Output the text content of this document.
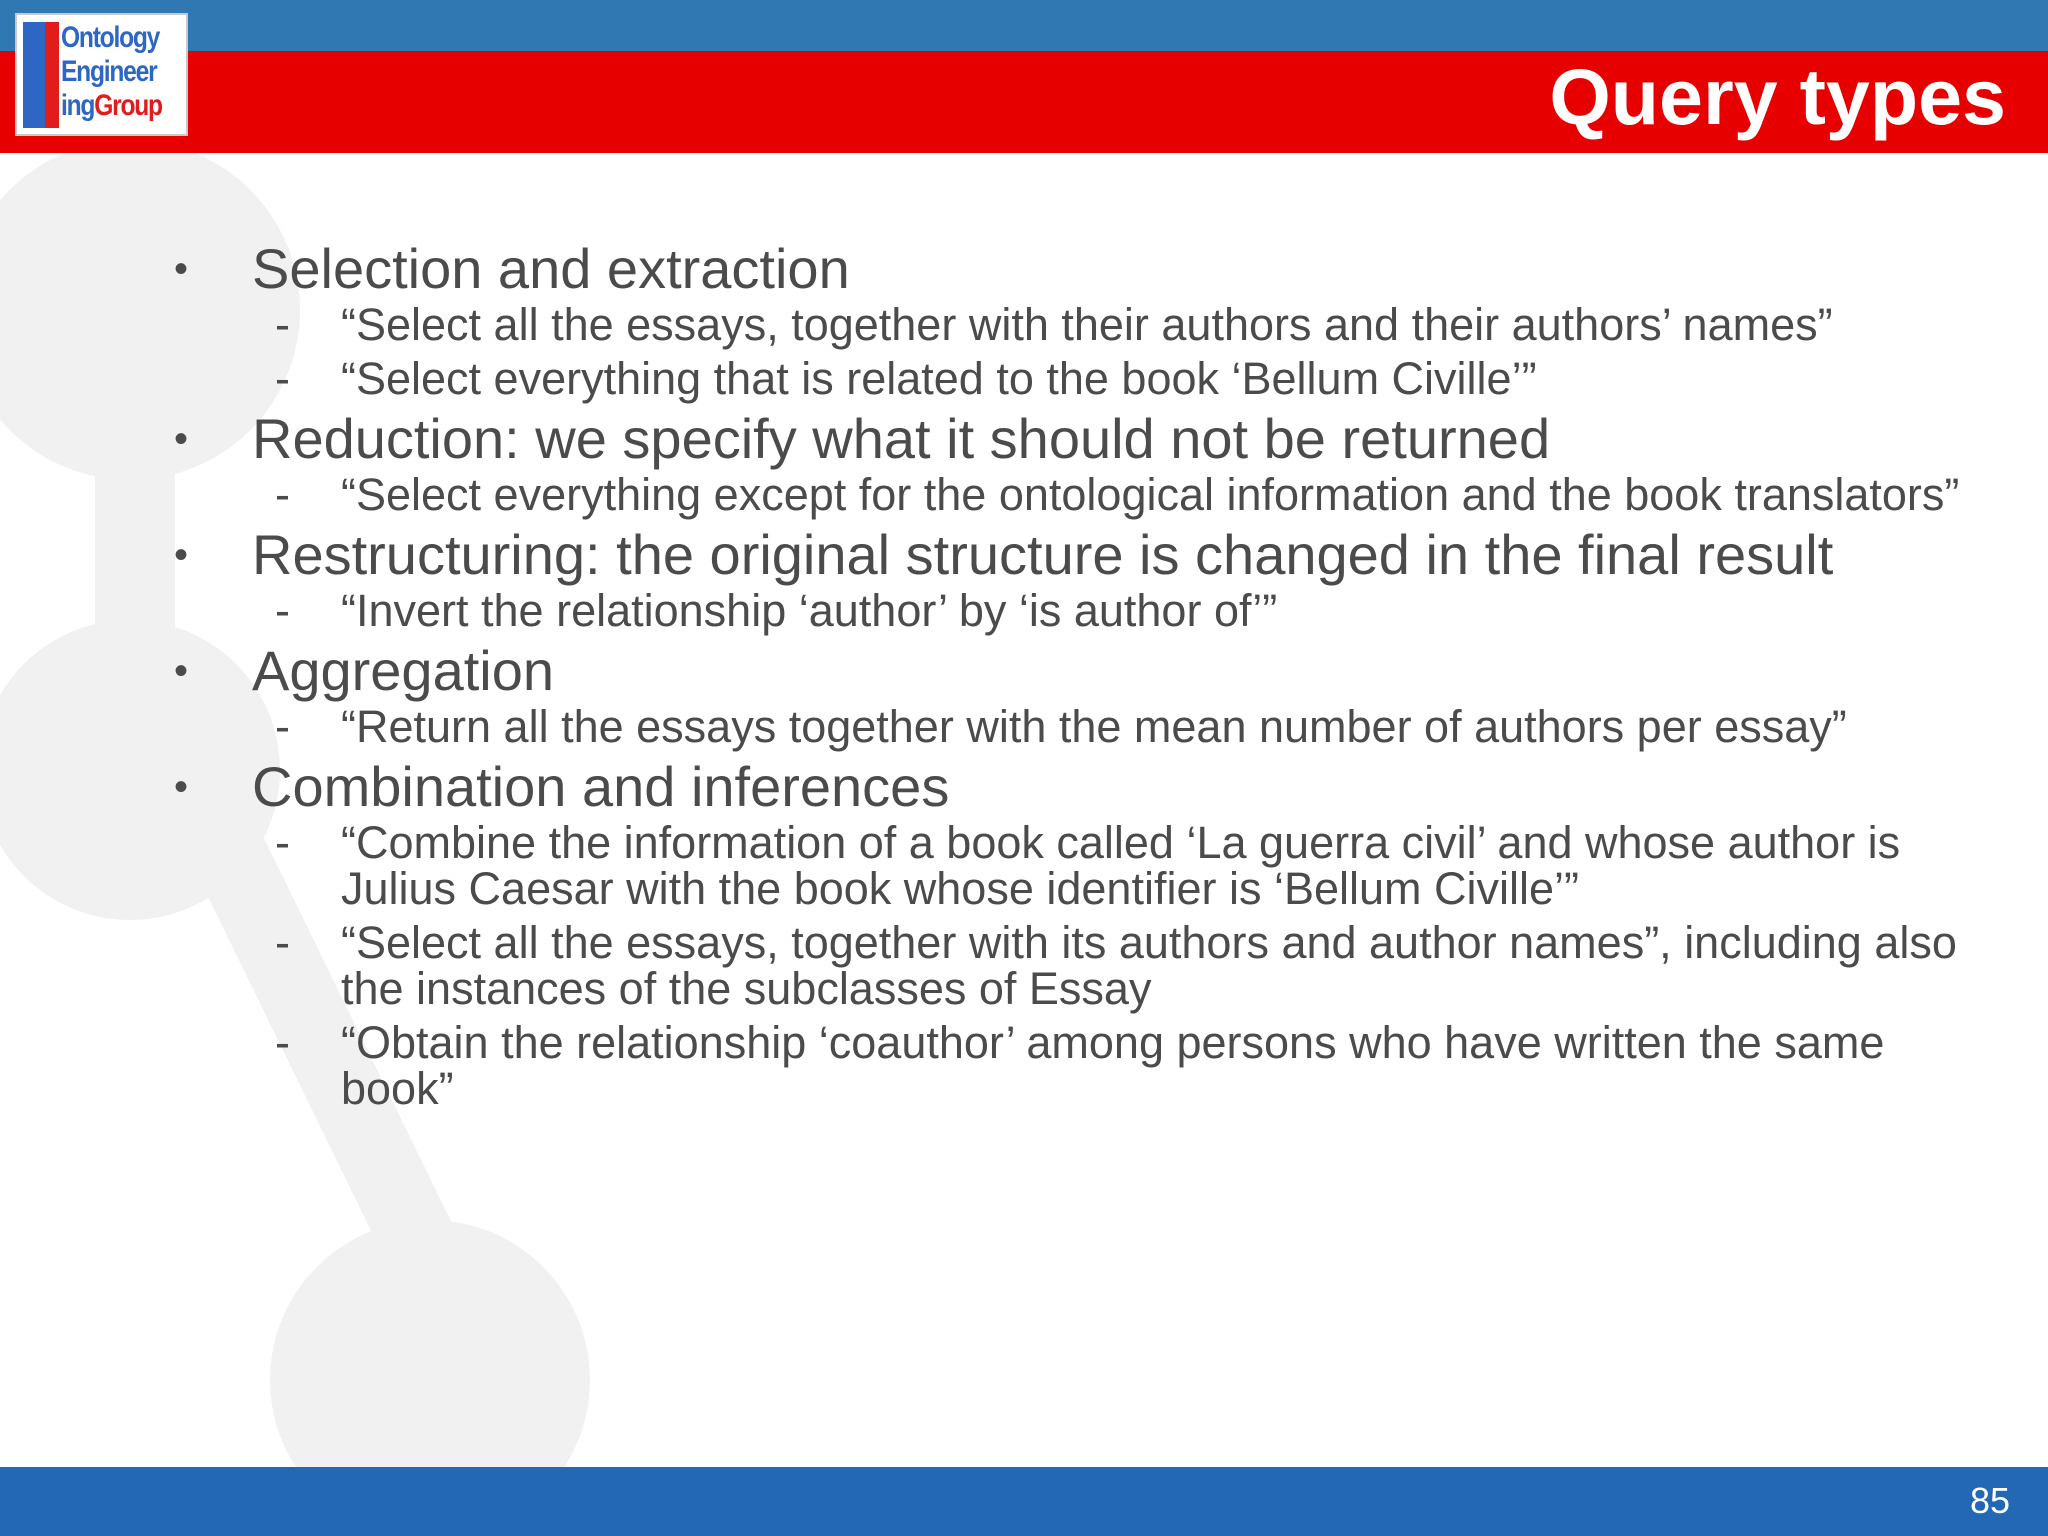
Ontology
Engineer
ingGroup	Query types
• Selection and extraction
- “Select all the essays, together with their authors and their authors’ names”
- “Select everything that is related to the book ‘Bellum Civille’”
• Reduction: we specify what it should not be returned
- “Select everything except for the ontological information and the book translators”
• Restructuring: the original structure is changed in the final result
- “Invert the relationship ‘author’ by ‘is author of’”
• Aggregation
- “Return all the essays together with the mean number of authors per essay”
• Combination and inferences
- “Combine the information of a book called ‘La guerra civil’ and whose author is Julius Caesar with the book whose identifier is ‘Bellum Civille’”
- “Select all the essays, together with its authors and author names”, including also the instances of the subclasses of Essay
- “Obtain the relationship ‘coauthor’ among persons who have written the same book”
85
